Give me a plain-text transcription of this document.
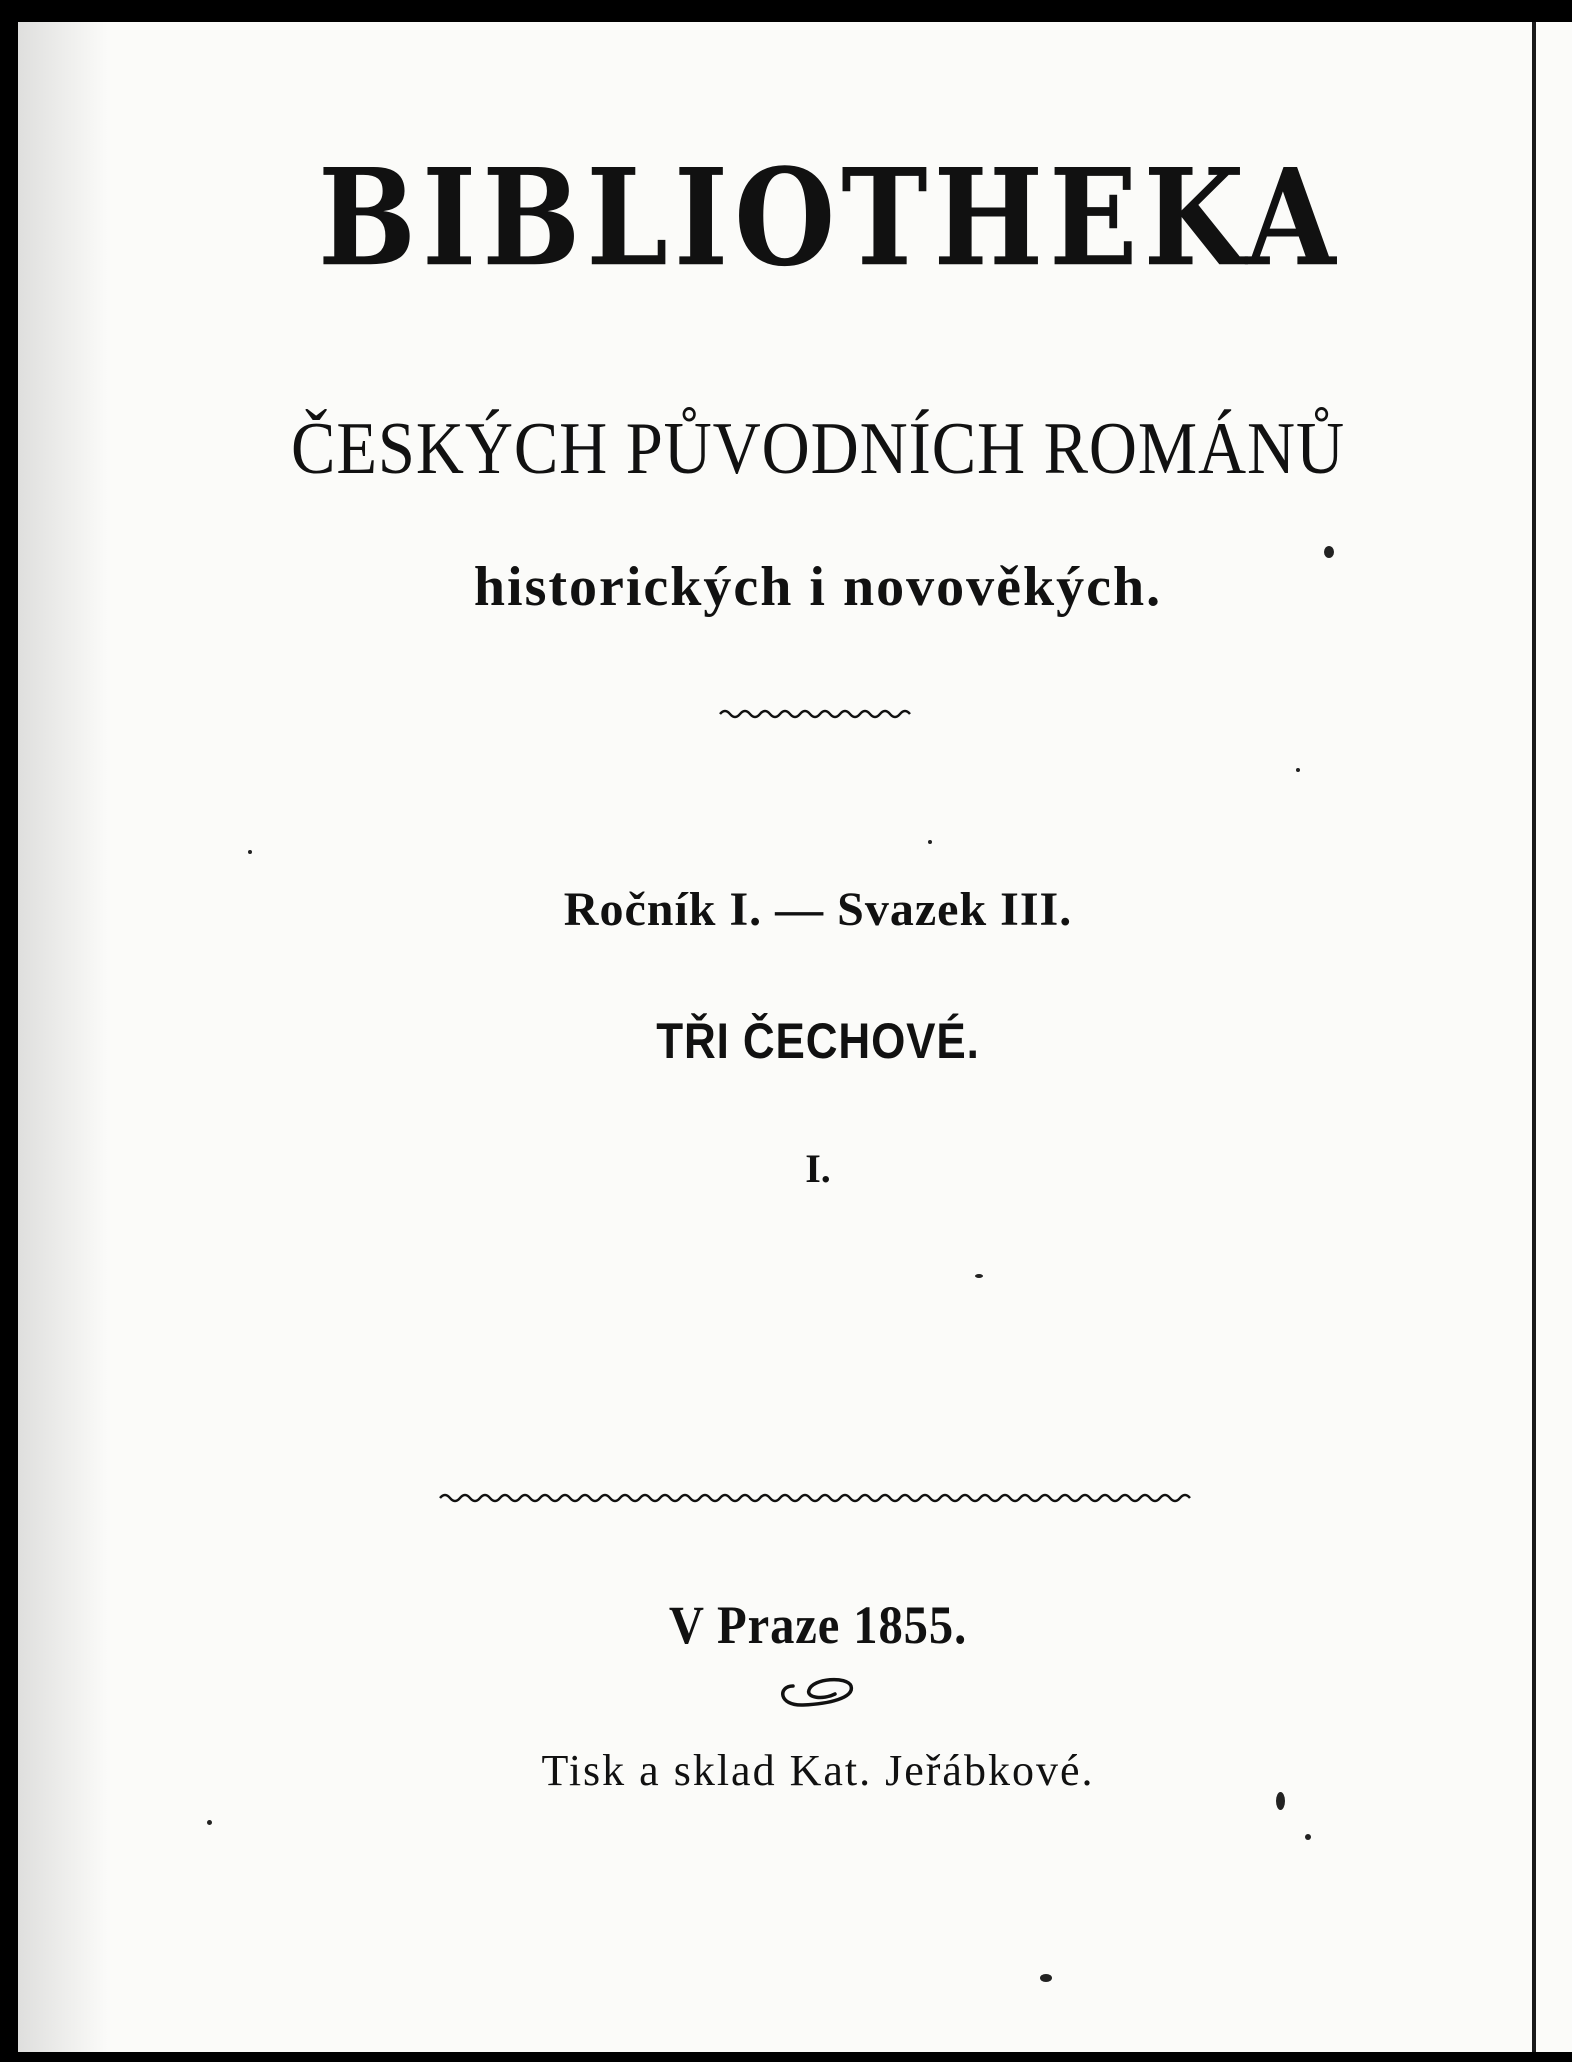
BIBLIOTHEKA
ČESKÝCH PŮVODNÍCH ROMÁNŮ
historických i novověkých.
Ročník I. — Svazek III.
TŘI ČECHOVÉ.
I.
V Praze 1855.
Tisk a sklad Kat. Jeřábkové.
